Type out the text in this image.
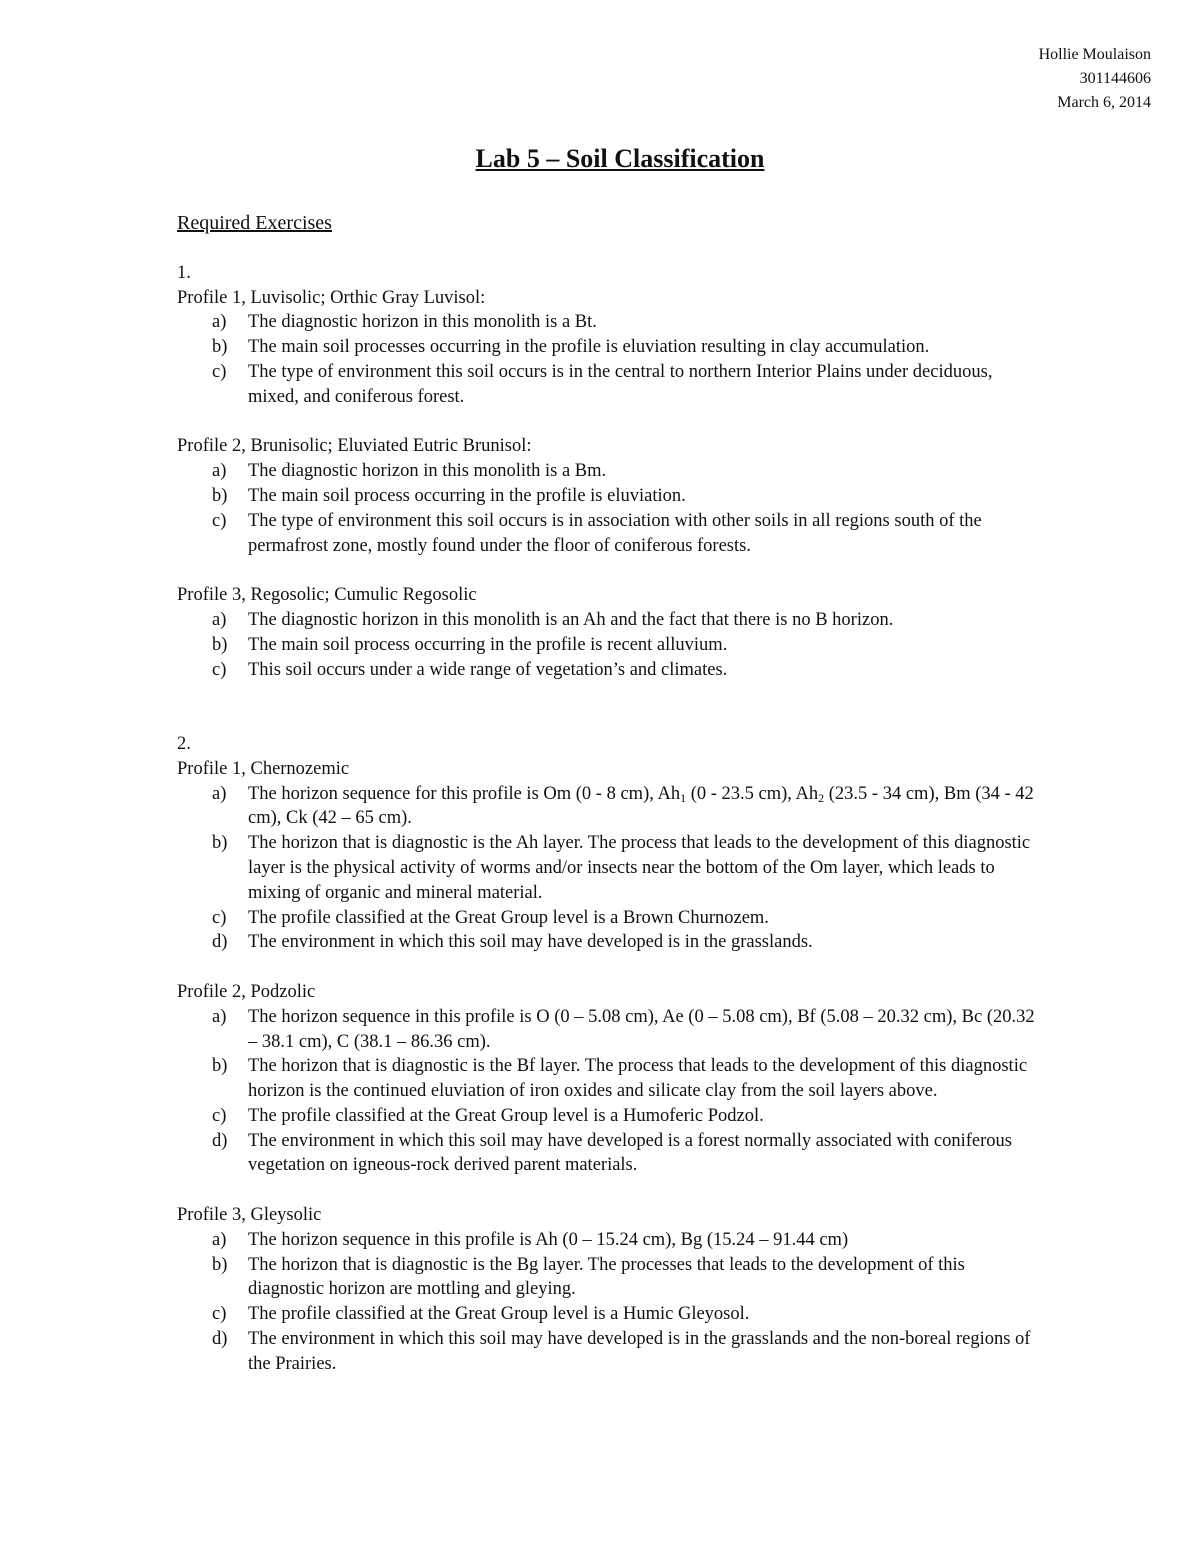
Hollie Moulaison
301144606
March 6, 2014
Lab 5 – Soil Classification
Required Exercises
1.
Profile 1, Luvisolic; Orthic Gray Luvisol:
a)	The diagnostic horizon in this monolith is a Bt.
b)	The main soil processes occurring in the profile is eluviation resulting in clay accumulation.
c)	The type of environment this soil occurs is in the central to northern Interior Plains under deciduous, mixed, and coniferous forest.
Profile 2, Brunisolic; Eluviated Eutric Brunisol:
a)	The diagnostic horizon in this monolith is a Bm.
b)	The main soil process occurring in the profile is eluviation.
c)	The type of environment this soil occurs is in association with other soils in all regions south of the permafrost zone, mostly found under the floor of coniferous forests.
Profile 3, Regosolic; Cumulic Regosolic
a)	The diagnostic horizon in this monolith is an Ah and the fact that there is no B horizon.
b)	The main soil process occurring in the profile is recent alluvium.
c)	This soil occurs under a wide range of vegetation’s and climates.
2.
Profile 1, Chernozemic
a)	The horizon sequence for this profile is Om (0 - 8 cm), $Ah_1$ (0 - 23.5 cm), $Ah_2$ (23.5 - 34 cm), Bm (34 - 42 cm), Ck (42 – 65 cm).
b)	The horizon that is diagnostic is the Ah layer. The process that leads to the development of this diagnostic layer is the physical activity of worms and/or insects near the bottom of the Om layer, which leads to mixing of organic and mineral material.
c)	The profile classified at the Great Group level is a Brown Churnozem.
d)	The environment in which this soil may have developed is in the grasslands.
Profile 2, Podzolic
a)	The horizon sequence in this profile is O (0 – 5.08 cm), Ae (0 – 5.08 cm), Bf (5.08 – 20.32 cm), Bc (20.32 – 38.1 cm), C (38.1 – 86.36 cm).
b)	The horizon that is diagnostic is the Bf layer. The process that leads to the development of this diagnostic horizon is the continued eluviation of iron oxides and silicate clay from the soil layers above.
c)	The profile classified at the Great Group level is a Humoferic Podzol.
d)	The environment in which this soil may have developed is a forest normally associated with coniferous vegetation on igneous-rock derived parent materials.
Profile 3, Gleysolic
a)	The horizon sequence in this profile is Ah (0 – 15.24 cm), Bg (15.24 – 91.44 cm)
b)	The horizon that is diagnostic is the Bg layer. The processes that leads to the development of this diagnostic horizon are mottling and gleying.
c)	The profile classified at the Great Group level is a Humic Gleyosol.
d)	The environment in which this soil may have developed is in the grasslands and the non-boreal regions of the Prairies.
